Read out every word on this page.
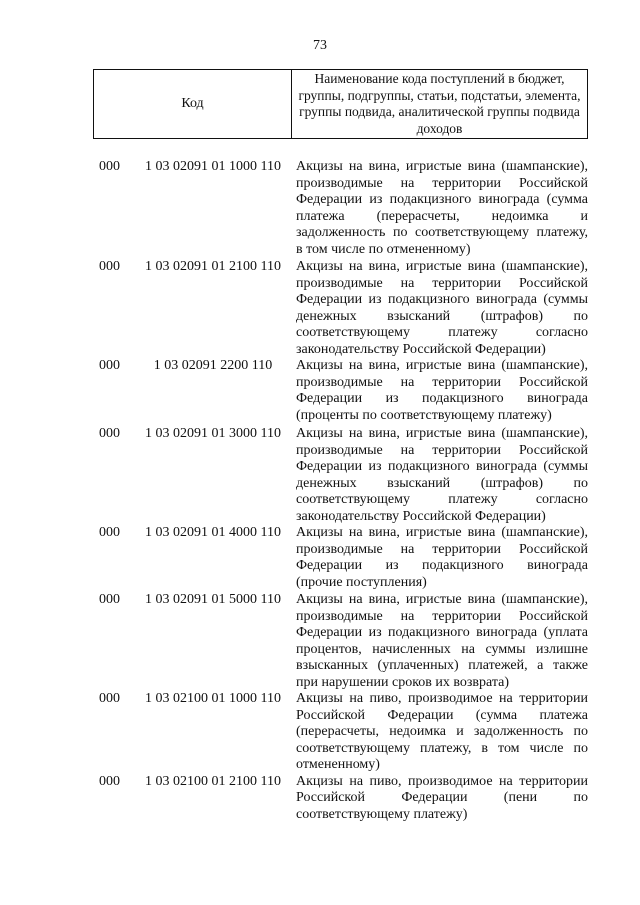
73
Код
Наименование кода поступлений в бюджет, группы, подгруппы, статьи, подстатьи, элемента, группы подвида, аналитической группы подвида доходов
000	1 03 02091 01 1000 110	Акцизы на вина, игристые вина (шампанские),
производимые на территории Российской
Федерации из подакцизного винограда (сумма
платежа (перерасчеты, недоимка и
задолженность по соответствующему платежу,
в том числе по отмененному)
000	1 03 02091 01 2100 110	Акцизы на вина, игристые вина (шампанские),
производимые на территории Российской
Федерации из подакцизного винограда (суммы
денежных взысканий (штрафов) по
соответствующему платежу согласно
законодательству Российской Федерации)
000	1 03 02091 2200 110	Акцизы на вина, игристые вина (шампанские),
производимые на территории Российской
Федерации из подакцизного винограда
(проценты по соответствующему платежу)
000	1 03 02091 01 3000 110	Акцизы на вина, игристые вина (шампанские),
производимые на территории Российской
Федерации из подакцизного винограда (суммы
денежных взысканий (штрафов) по
соответствующему платежу согласно
законодательству Российской Федерации)
000	1 03 02091 01 4000 110	Акцизы на вина, игристые вина (шампанские),
производимые на территории Российской
Федерации из подакцизного винограда
(прочие поступления)
000	1 03 02091 01 5000 110	Акцизы на вина, игристые вина (шампанские),
производимые на территории Российской
Федерации из подакцизного винограда (уплата
процентов, начисленных на суммы излишне
взысканных (уплаченных) платежей, а также
при нарушении сроков их возврата)
000	1 03 02100 01 1000 110	Акцизы на пиво, производимое на территории
Российской Федерации (сумма платежа
(перерасчеты, недоимка и задолженность по
соответствующему платежу, в том числе по
отмененному)
000	1 03 02100 01 2100 110	Акцизы на пиво, производимое на территории
Российской Федерации (пени по
соответствующему платежу)
